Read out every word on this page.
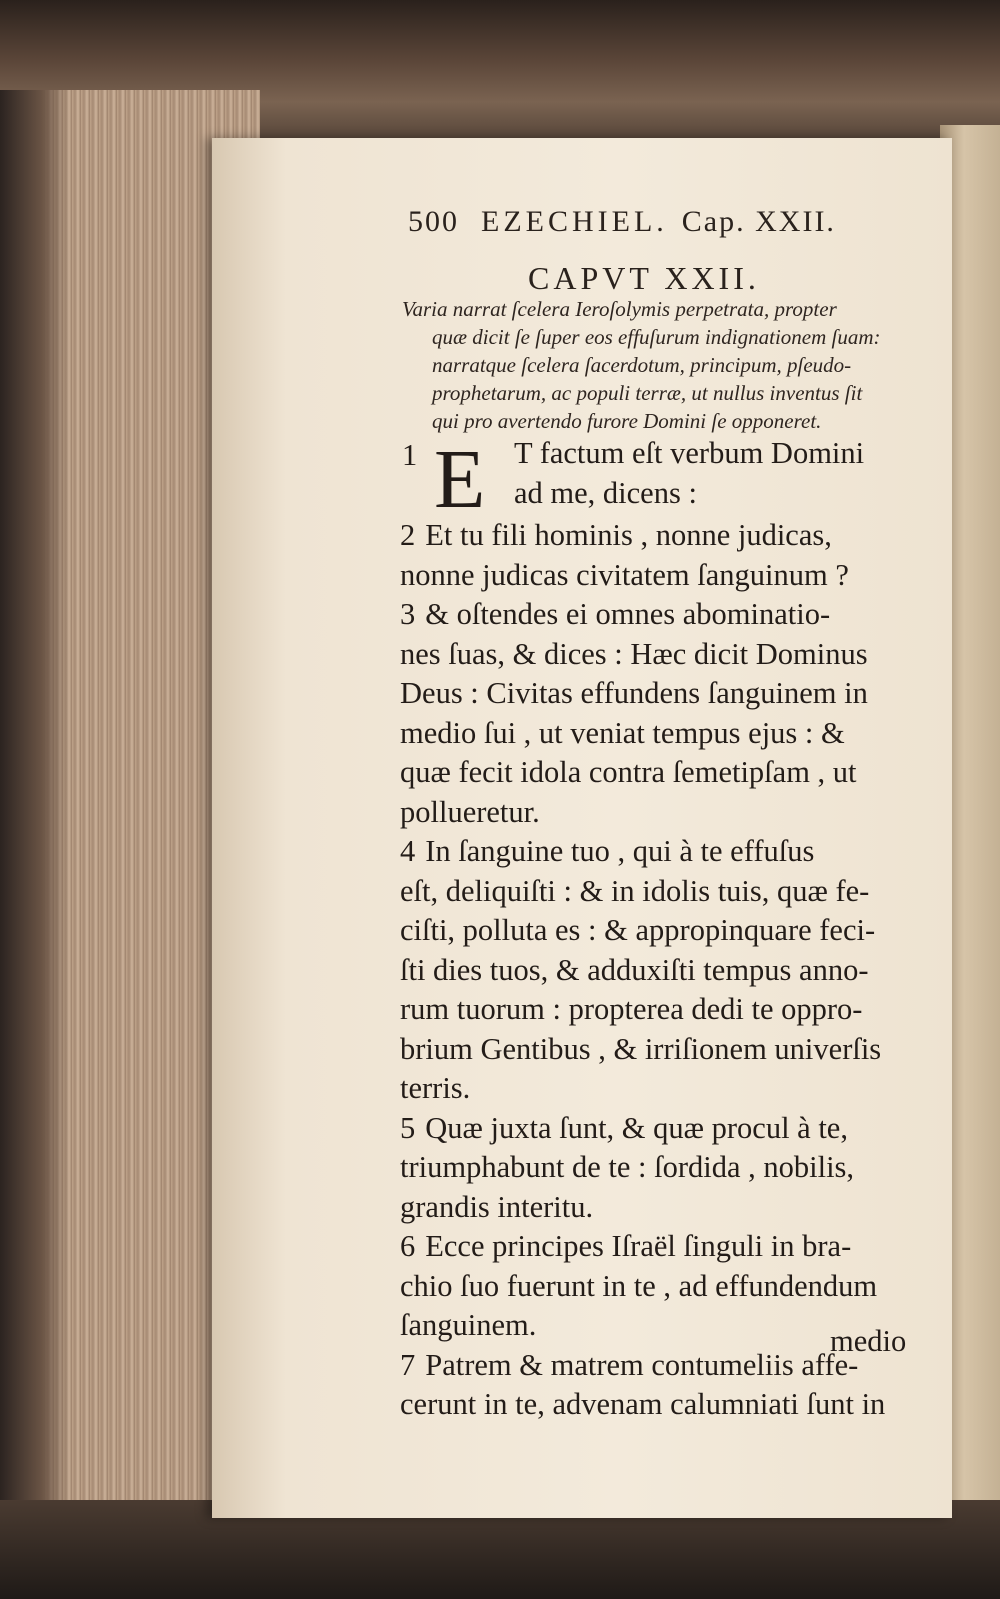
500 EZECHIEL. Cap. XXII.
CAPVT XXII.
Varia narrat ſcelera Ieroſolymis perpetrata, propter
quæ dicit ſe ſuper eos effuſurum indignationem ſuam:
narratque ſcelera ſacerdotum, principum, pſeudo-
prophetarum, ac populi terræ, ut nullus inventus ſit
qui pro avertendo furore Domini ſe opponeret.
1 E T factum eſt verbum Domini
ad me, dicens :
2 Et tu fili hominis , nonne judicas,
nonne judicas civitatem ſanguinum ?
3 & oſtendes ei omnes abominatio-
nes ſuas, & dices : Hæc dicit Dominus
Deus : Civitas effundens ſanguinem in
medio ſui , ut veniat tempus ejus : &
quæ fecit idola contra ſemetipſam , ut
pollueretur.
4 In ſanguine tuo , qui à te effuſus
eſt, deliquiſti : & in idolis tuis, quæ fe-
ciſti, polluta es : & appropinquare feci-
ſti dies tuos, & adduxiſti tempus anno-
rum tuorum : propterea dedi te oppro-
brium Gentibus , & irriſionem univerſis
terris.
5 Quæ juxta ſunt, & quæ procul à te,
triumphabunt de te : ſordida , nobilis,
grandis interitu.
6 Ecce principes Iſraël ſinguli in bra-
chio ſuo fuerunt in te , ad effundendum
ſanguinem.
7 Patrem & matrem contumeliis affe-
cerunt in te, advenam calumniati ſunt in
medio
